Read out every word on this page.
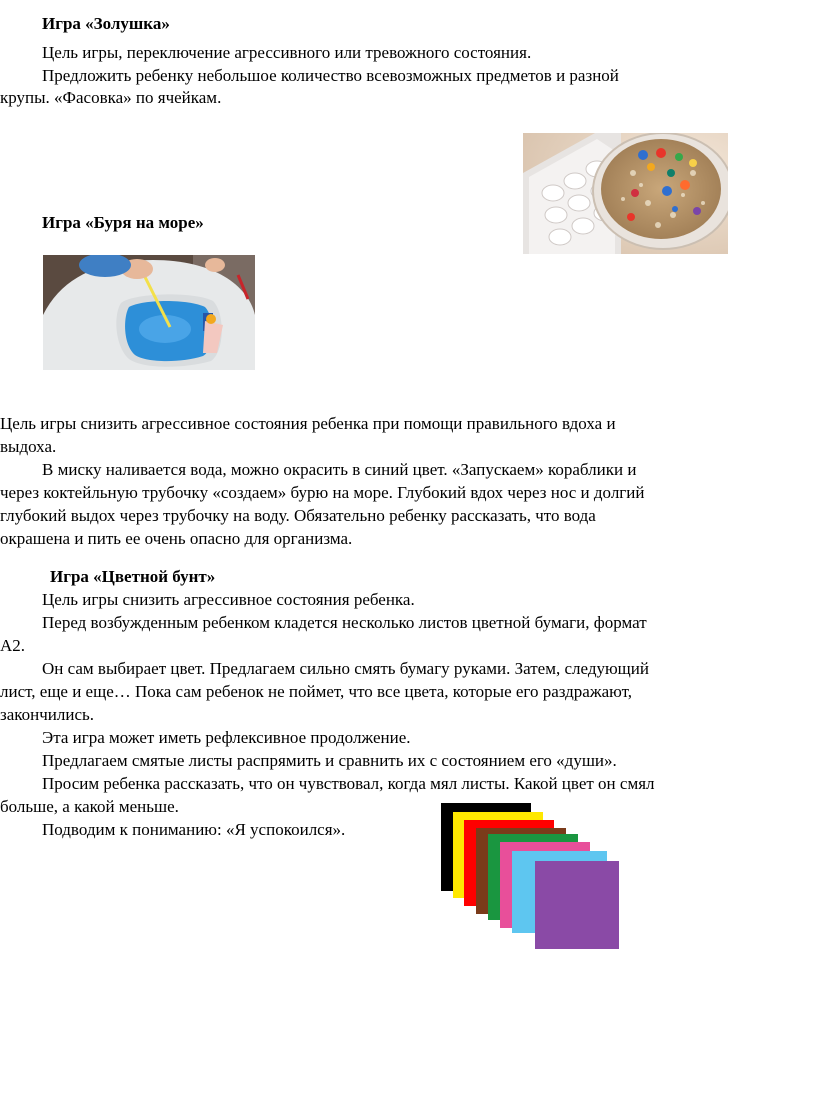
Игра «Золушка»
Цель игры, переключение агрессивного или тревожного состояния.
Предложить ребенку небольшое количество всевозможных предметов и разной
крупы. «Фасовка» по ячейкам.
Игра «Буря на море»
Цель игры снизить агрессивное состояния ребенка при помощи правильного вдоха и
выдоха.
В миску наливается вода, можно окрасить в синий цвет. «Запускаем» кораблики и
через коктейльную трубочку «создаем» бурю на море. Глубокий вдох через нос и долгий
глубокий выдох через трубочку на воду. Обязательно ребенку рассказать, что вода
окрашена и пить ее очень опасно для организма.
Игра «Цветной бунт»
Цель игры снизить агрессивное состояния ребенка.
Перед возбужденным ребенком кладется несколько листов цветной бумаги, формат
А2.
Он сам выбирает цвет. Предлагаем сильно смять бумагу руками. Затем, следующий
лист, еще и еще… Пока сам ребенок не поймет, что все цвета, которые его раздражают,
закончились.
Эта игра может иметь рефлексивное продолжение.
Предлагаем смятые листы распрямить и сравнить их с состоянием его «души».
Просим ребенка рассказать, что он чувствовал, когда мял листы. Какой цвет он смял
больше, а какой меньше.
Подводим к пониманию: «Я успокоился».
